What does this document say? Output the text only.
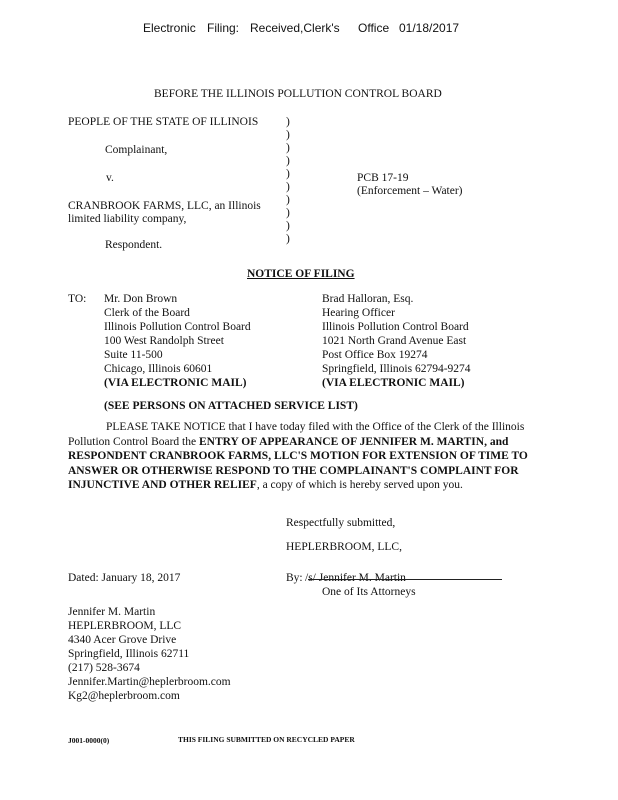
Electronic Filing: Received,Clerk's Office 01/18/2017
BEFORE THE ILLINOIS POLLUTION CONTROL BOARD
PEOPLE OF THE STATE OF ILLINOIS
Complainant,
v.
CRANBROOK FARMS, LLC, an Illinois
limited liability company,
Respondent.
)
)
)
)
)
)
)
)
)
)
PCB 17-19
(Enforcement – Water)
NOTICE OF FILING
TO: Mr. Don Brown
Clerk of the Board
Illinois Pollution Control Board
100 West Randolph Street
Suite 11-500
Chicago, Illinois 60601
(VIA ELECTRONIC MAIL)
Brad Halloran, Esq.
Hearing Officer
Illinois Pollution Control Board
1021 North Grand Avenue East
Post Office Box 19274
Springfield, Illinois 62794-9274
(VIA ELECTRONIC MAIL)
(SEE PERSONS ON ATTACHED SERVICE LIST)
PLEASE TAKE NOTICE that I have today filed with the Office of the Clerk of the Illinois Pollution Control Board the ENTRY OF APPEARANCE OF JENNIFER M. MARTIN, and RESPONDENT CRANBROOK FARMS, LLC'S MOTION FOR EXTENSION OF TIME TO ANSWER OR OTHERWISE RESPOND TO THE COMPLAINANT'S COMPLAINT FOR INJUNCTIVE AND OTHER RELIEF, a copy of which is hereby served upon you.
Respectfully submitted,
HEPLERBROOM, LLC,
Dated: January 18, 2017	By: /s/ Jennifer M. Martin
One of Its Attorneys
Jennifer M. Martin
HEPLERBROOM, LLC
4340 Acer Grove Drive
Springfield, Illinois 62711
(217) 528-3674
Jennifer.Martin@heplerbroom.com
Kg2@heplerbroom.com
J001-0000(0)	THIS FILING SUBMITTED ON RECYCLED PAPER
